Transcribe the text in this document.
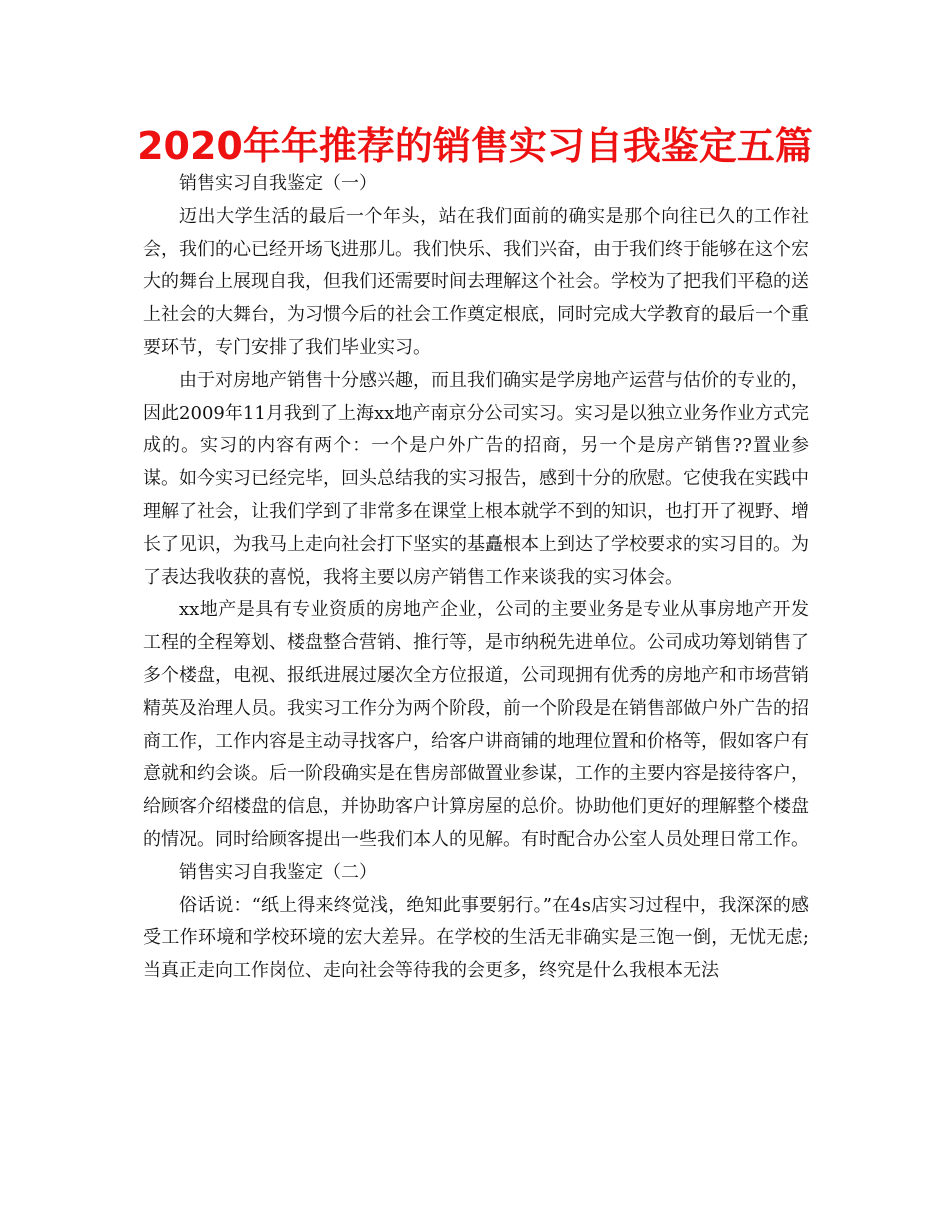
2020年年推荐的销售实习自我鉴定五篇

销售实习自我鉴定（一）

迈出大学生活的最后一个年头，站在我们面前的确实是那个向往已久的工作社会，我们的心已经开场飞进那儿。我们快乐、我们兴奋，由于我们终于能够在这个宏大的舞台上展现自我，但我们还需要时间去理解这个社会。学校为了把我们平稳的送上社会的大舞台，为习惯今后的社会工作奠定根底，同时完成大学教育的最后一个重要环节，专门安排了我们毕业实习。

由于对房地产销售十分感兴趣，而且我们确实是学房地产运营与估价的专业的，因此2009年11月我到了上海xx地产南京分公司实习。实习是以独立业务作业方式完成的。实习的内容有两个：一个是户外广告的招商，另一个是房产销售??置业参谋。如今实习已经完毕，回头总结我的实习报告，感到十分的欣慰。它使我在实践中理解了社会，让我们学到了非常多在课堂上根本就学不到的知识，也打开了视野、增长了见识，为我马上走向社会打下坚实的基矗根本上到达了学校要求的实习目的。为了表达我收获的喜悦，我将主要以房产销售工作来谈我的实习体会。

xx地产是具有专业资质的房地产企业，公司的主要业务是专业从事房地产开发工程的全程筹划、楼盘整合营销、推行等，是市纳税先进单位。公司成功筹划销售了多个楼盘，电视、报纸进展过屡次全方位报道，公司现拥有优秀的房地产和市场营销精英及治理人员。我实习工作分为两个阶段，前一个阶段是在销售部做户外广告的招商工作，工作内容是主动寻找客户，给客户讲商铺的地理位置和价格等，假如客户有意就和约会谈。后一阶段确实是在售房部做置业参谋，工作的主要内容是接待客户，给顾客介绍楼盘的信息，并协助客户计算房屋的总价。协助他们更好的理解整个楼盘的情况。同时给顾客提出一些我们本人的见解。有时配合办公室人员处理日常工作。

销售实习自我鉴定（二）

俗话说：“纸上得来终觉浅，绝知此事要躬行。”在4s店实习过程中，我深深的感受工作环境和学校环境的宏大差异。在学校的生活无非确实是三饱一倒，无忧无虑;当真正走向工作岗位、走向社会等待我的会更多，终究是什么我根本无法
